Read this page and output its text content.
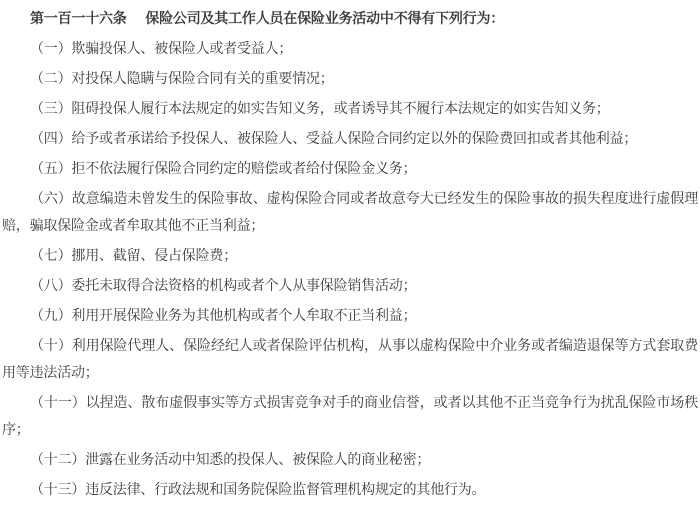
第一百一十六条 保险公司及其工作人员在保险业务活动中不得有下列行为：

（一）欺骗投保人、被保险人或者受益人；

（二）对投保人隐瞒与保险合同有关的重要情况；

（三）阻碍投保人履行本法规定的如实告知义务，或者诱导其不履行本法规定的如实告知义务；

（四）给予或者承诺给予投保人、被保险人、受益人保险合同约定以外的保险费回扣或者其他利益；

（五）拒不依法履行保险合同约定的赔偿或者给付保险金义务；

（六）故意编造未曾发生的保险事故、虚构保险合同或者故意夸大已经发生的保险事故的损失程度进行虚假理赔，骗取保险金或者牟取其他不正当利益；

（七）挪用、截留、侵占保险费；

（八）委托未取得合法资格的机构或者个人从事保险销售活动；

（九）利用开展保险业务为其他机构或者个人牟取不正当利益；

（十）利用保险代理人、保险经纪人或者保险评估机构，从事以虚构保险中介业务或者编造退保等方式套取费用等违法活动；

（十一）以捏造、散布虚假事实等方式损害竞争对手的商业信誉，或者以其他不正当竞争行为扰乱保险市场秩序；

（十二）泄露在业务活动中知悉的投保人、被保险人的商业秘密；

（十三）违反法律、行政法规和国务院保险监督管理机构规定的其他行为。
